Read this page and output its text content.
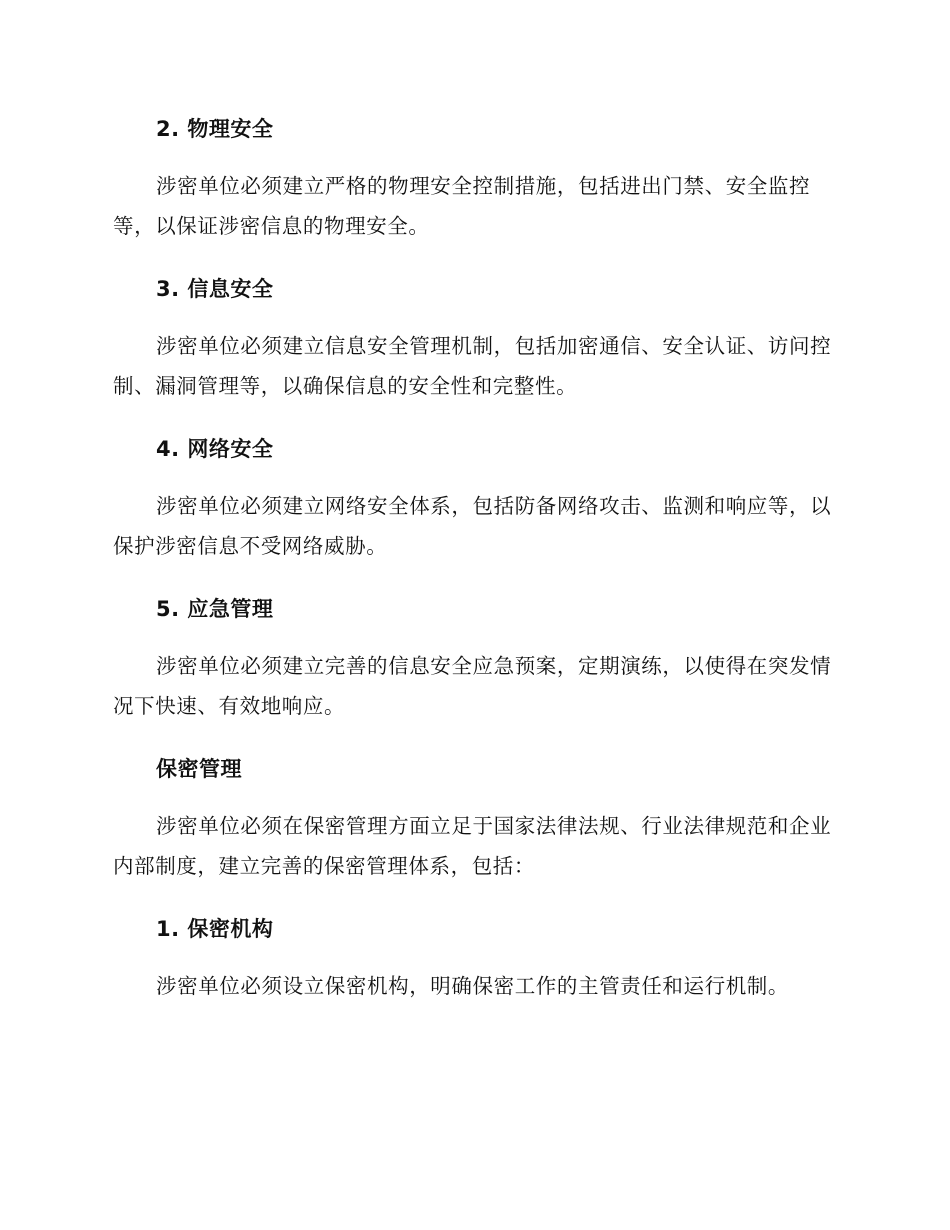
2. 物理安全
涉密单位必须建立严格的物理安全控制措施，包括进出门禁、安全监控等，以保证涉密信息的物理安全。
3. 信息安全
涉密单位必须建立信息安全管理机制，包括加密通信、安全认证、访问控制、漏洞管理等，以确保信息的安全性和完整性。
4. 网络安全
涉密单位必须建立网络安全体系，包括防备网络攻击、监测和响应等，以保护涉密信息不受网络威胁。
5. 应急管理
涉密单位必须建立完善的信息安全应急预案，定期演练，以使得在突发情况下快速、有效地响应。
保密管理
涉密单位必须在保密管理方面立足于国家法律法规、行业法律规范和企业内部制度，建立完善的保密管理体系，包括：
1. 保密机构
涉密单位必须设立保密机构，明确保密工作的主管责任和运行机制。
